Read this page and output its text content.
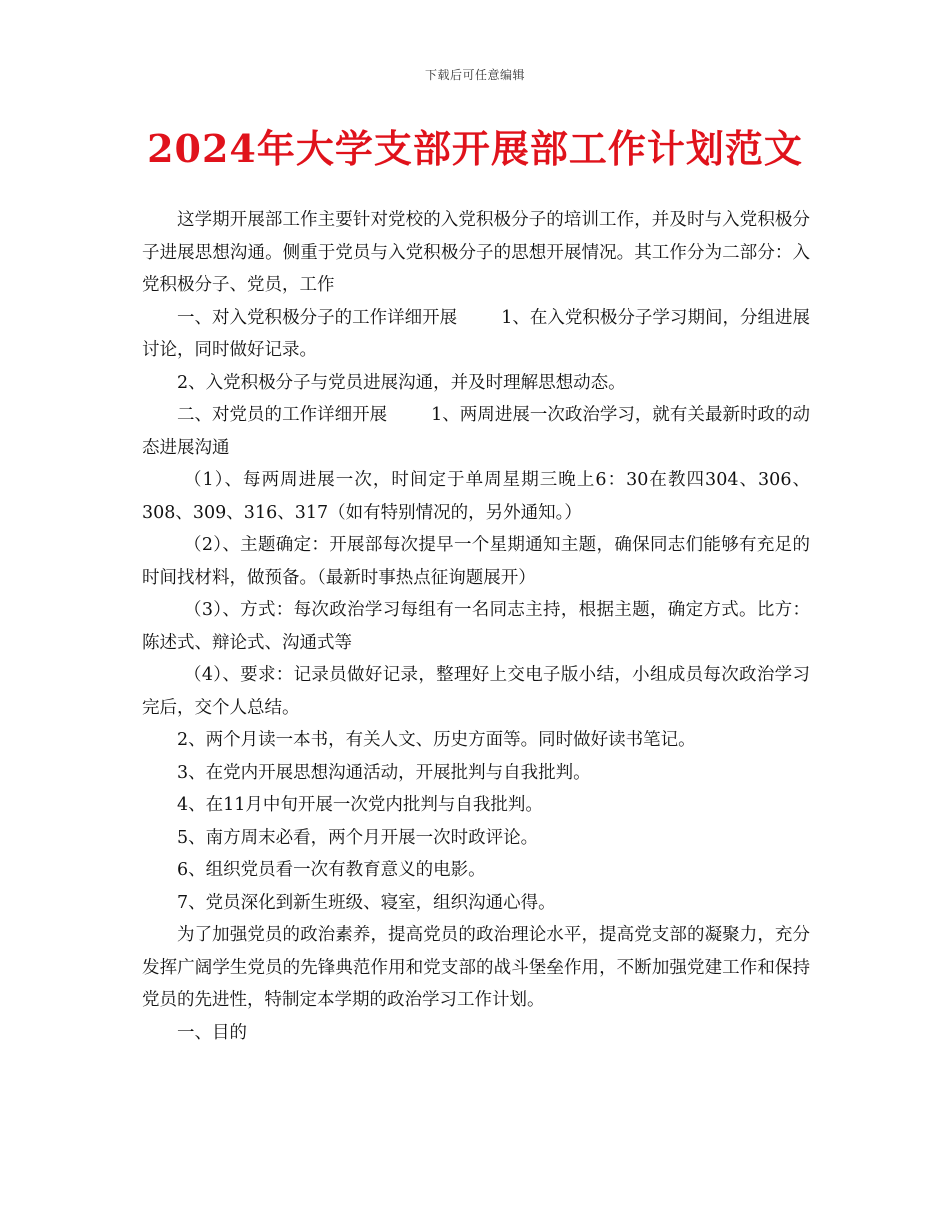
下载后可任意编辑
2024年大学支部开展部工作计划范文

这学期开展部工作主要针对党校的入党积极分子的培训工作，并及时与入党积极分子进展思想沟通。侧重于党员与入党积极分子的思想开展情况。其工作分为二部分：入党积极分子、党员，工作

一、对入党积极分子的工作详细开展	1、在入党积极分子学习期间，分组进展讨论，同时做好记录。

2、入党积极分子与党员进展沟通，并及时理解思想动态。

二、对党员的工作详细开展	1、两周进展一次政治学习，就有关最新时政的动态进展沟通

（1）、每两周进展一次，时间定于单周星期三晚上6：30在教四304、306、308、309、316、317（如有特别情况的，另外通知。）

（2）、主题确定：开展部每次提早一个星期通知主题，确保同志们能够有充足的时间找材料，做预备。（最新时事热点征询题展开）

（3）、方式：每次政治学习每组有一名同志主持，根据主题，确定方式。比方：陈述式、辩论式、沟通式等

（4）、要求：记录员做好记录，整理好上交电子版小结，小组成员每次政治学习完后，交个人总结。

2、两个月读一本书，有关人文、历史方面等。同时做好读书笔记。

3、在党内开展思想沟通活动，开展批判与自我批判。

4、在11月中旬开展一次党内批判与自我批判。

5、南方周末必看，两个月开展一次时政评论。

6、组织党员看一次有教育意义的电影。

7、党员深化到新生班级、寝室，组织沟通心得。

为了加强党员的政治素养，提高党员的政治理论水平，提高党支部的凝聚力，充分发挥广阔学生党员的先锋典范作用和党支部的战斗堡垒作用，不断加强党建工作和保持党员的先进性，特制定本学期的政治学习工作计划。

一、目的
